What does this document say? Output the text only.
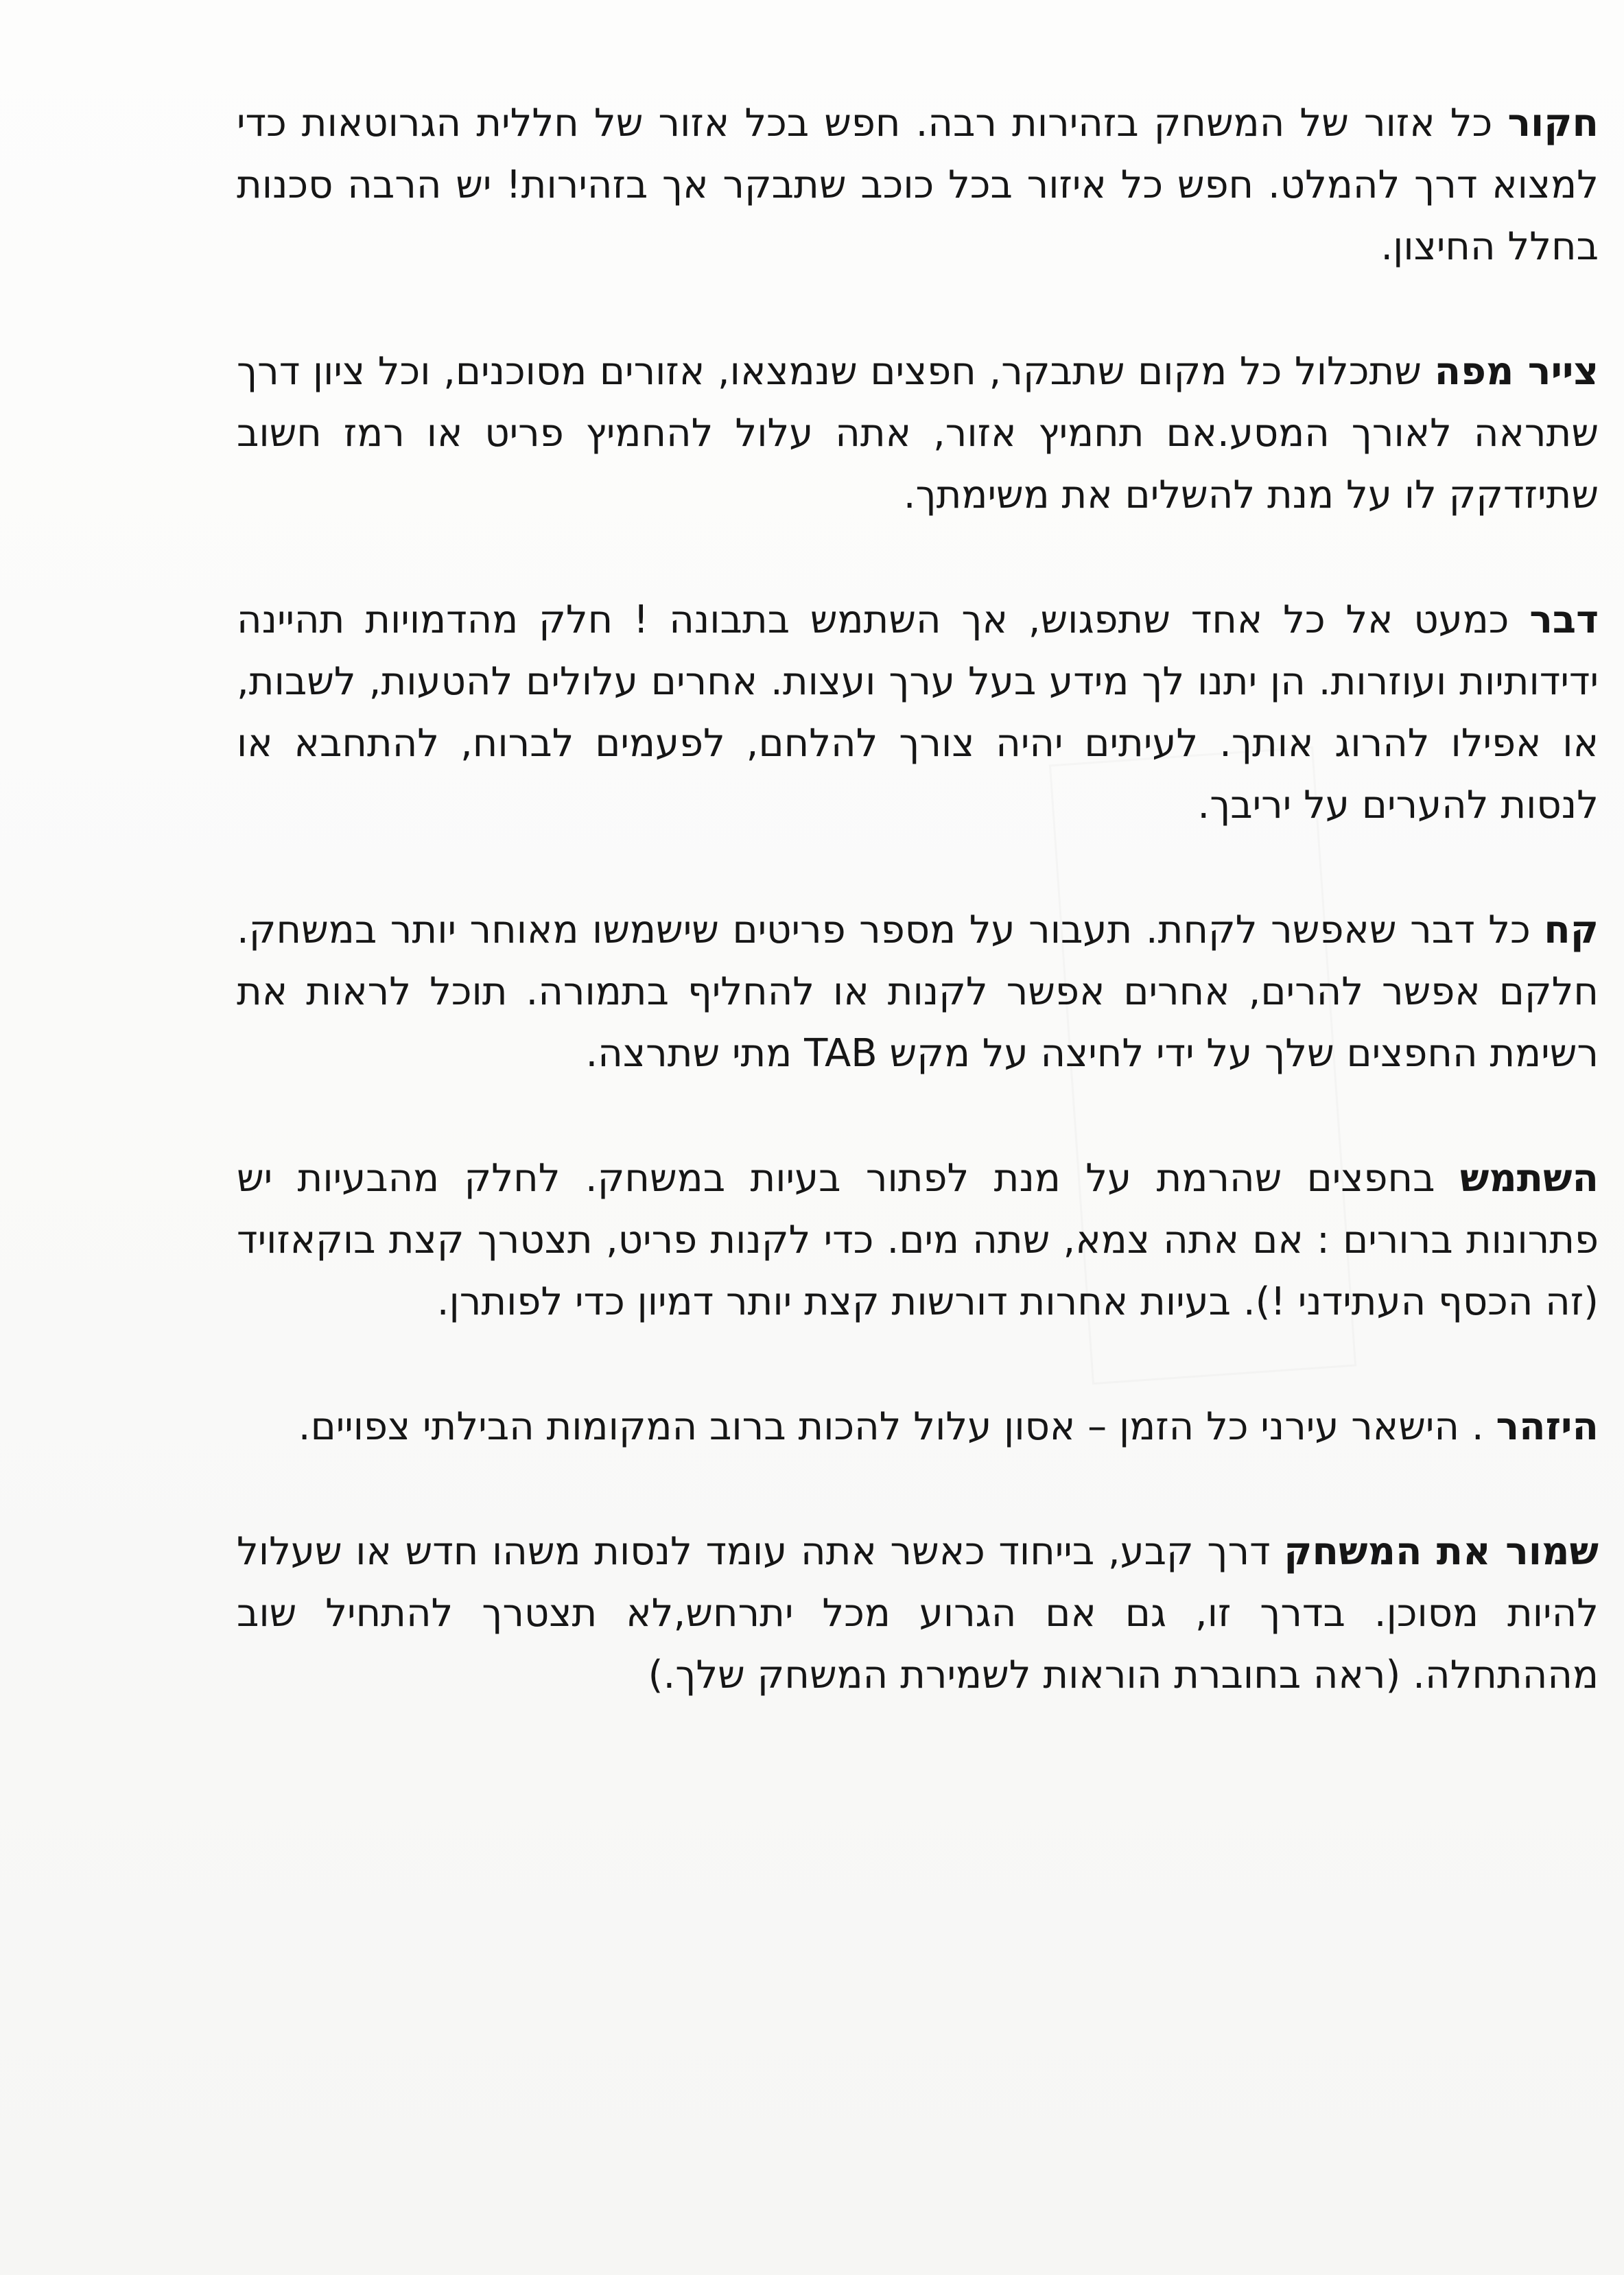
חקור כל אזור של המשחק בזהירות רבה. חפש בכל אזור של חללית הגרוטאות כדי למצוא דרך להמלט. חפש כל איזור בכל כוכב שתבקר אך בזהירות! יש הרבה סכנות בחלל החיצון.

צייר מפה שתכלול כל מקום שתבקר, חפצים שנמצאו, אזורים מסוכנים, וכל ציון דרך שתראה לאורך המסע.אם תחמיץ אזור, אתה עלול להחמיץ פריט או רמז חשוב שתיזדקק לו על מנת להשלים את משימתך.

דבר כמעט אל כל אחד שתפגוש, אך השתמש בתבונה ! חלק מהדמויות תהיינה ידידותיות ועוזרות. הן יתנו לך מידע בעל ערך ועצות. אחרים עלולים להטעות, לשבות, או אפילו להרוג אותך. לעיתים יהיה צורך להלחם, לפעמים לברוח, להתחבא או לנסות להערים על יריבך.

קח כל דבר שאפשר לקחת. תעבור על מספר פריטים שישמשו מאוחר יותר במשחק. חלקם אפשר להרים, אחרים אפשר לקנות או להחליף בתמורה. תוכל לראות את רשימת החפצים שלך על ידי לחיצה על מקש TAB מתי שתרצה.

השתמש בחפצים שהרמת על מנת לפתור בעיות במשחק. לחלק מהבעיות יש פתרונות ברורים : אם אתה צמא, שתה מים. כדי לקנות פריט, תצטרך קצת בוקאזויד (זה הכסף העתידני !). בעיות אחרות דורשות קצת יותר דמיון כדי לפותרן.

היזהר . הישאר עירני כל הזמן – אסון עלול להכות ברוב המקומות הבילתי צפויים.

שמור את המשחק דרך קבע, בייחוד כאשר אתה עומד לנסות משהו חדש או שעלול להיות מסוכן. בדרך זו, גם אם הגרוע מכל יתרחש,לא תצטרך להתחיל שוב מההתחלה. (ראה בחוברת הוראות לשמירת המשחק שלך.)
